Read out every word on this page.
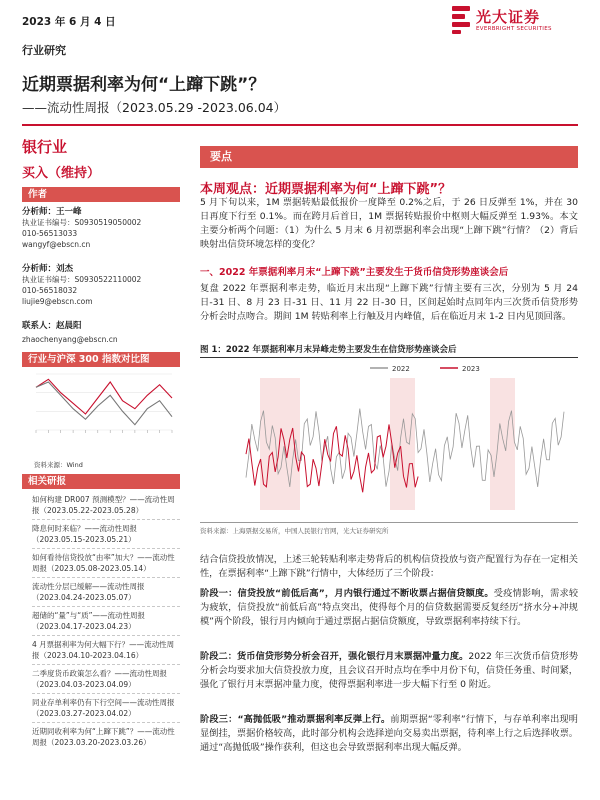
2023 年 6 月 4 日	光大证券
EVERBRIGHT SECURITIES
行业研究
近期票据利率为何“上蹿下跳”？
——流动性周报（2023.05.29 -2023.06.04）
银行业
买入（维持）
作者
分析师：王一峰
执业证书编号：S0930519050002
010-56513033
wangyf@ebscn.cn
分析师：刘杰
执业证书编号：S0930522110002
010-56518032
liujie9@ebscn.com
联系人：赵晨阳
zhaochenyang@ebscn.cn
行业与沪深 300 指数对比图
资料来源：Wind
相关研报
如何构建 DR007 预测模型？——流动性周报（2023.05.22-2023.05.28）
降息何时来临？——流动性周报（2023.05.15-2023.05.21）
如何看待信贷投放“由率”加大？——流动性周报（2023.05.08-2023.05.14）
流动性分层已缓解——流动性周报（2023.04.24-2023.05.07）
超储的“量”与“质”——流动性周报（2023.04.17-2023.04.23）
4 月票据利率为何大幅下行？——流动性周报（2023.04.10-2023.04.16）
二季度货币政策怎么看？——流动性周报（2023.04.03-2023.04.09）
同业存单利率仍有下行空间——流动性周报（2023.03.27-2023.04.02）
近期同收利率为何“上蹿下跳”？——流动性周报（2023.03.20-2023.03.26）
要点
本周观点：近期票据利率为何“上蹿下跳”？
5 月下旬以来，1M 票据转贴最低报价一度降至 0.2%之后，于 26 日反弹至 1%，并在 30 日再度下行至 0.1%。而在跨月后首日，1M 票据转贴报价中枢则大幅反弹至 1.93%。本文主要分析两个问题：（1）为什么 5 月末 6 月初票据利率会出现“上蹿下跳”行情？（2）背后映射出信贷环境怎样的变化？
一、2022 年票据利率月末“上蹿下跳”主要发生于货币信贷形势座谈会后
复盘 2022 年票据利率走势，临近月末出现“上蹿下跳”行情主要有三次，分别为 5 月 24 日-31 日、8 月 23 日-31 日、11 月 22 日-30 日，区间起始时点同年内三次货币信贷形势分析会时点吻合。期间 1M 转贴利率上行触及月内峰值，后在临近月末 1-2 日内见顶回落。
图 1：2022 年票据利率月末异峰走势主要发生在信贷形势座谈会后
2022	2023
资料来源：上海票据交易所，中国人民银行官网，光大证券研究所
结合信贷投放情况，上述三轮转贴利率走势背后的机构信贷投放与资产配置行为存在一定相关性，在票据利率“上蹿下跳”行情中，大体经历了三个阶段：
阶段一：信贷投放“前低后高”，月内银行通过不断收票占据信贷额度。受疫情影响，需求较为疲软，信贷投放“前低后高”特点突出，使得每个月的信贷数据需要反复经历“挤水分+冲规模”两个阶段，银行月内倾向于通过票据占据信贷额度，导致票据利率持续下行。
阶段二：货币信贷形势分析会召开，强化银行月末票据冲量力度。2022 年三次货币信贷形势分析会均要求加大信贷投放力度，且会议召开时点均在季中月份下旬，信贷任务重、时间紧，强化了银行月末票据冲量力度，使得票据利率进一步大幅下行至 0 附近。
阶段三：“高抛低吸”推动票据利率反弹上行。前期票据“零利率”行情下，与存单利率出现明显倒挂，票据价格较高，此时部分机构会选择逆向交易卖出票据，待利率上行之后选择收票。通过“高抛低吸”操作获利，但这也会导致票据利率出现大幅反弹。
